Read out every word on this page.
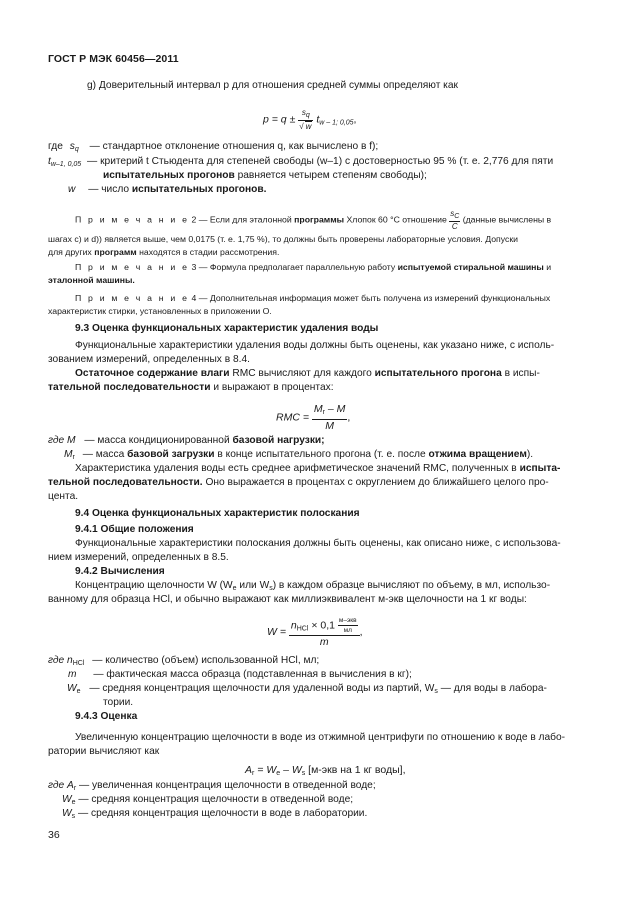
ГОСТ Р МЭК 60456—2011
g) Доверительный интервал p для отношения средней суммы определяют как
$p = q \pm \frac{sq}{√ w}$ tw – 1; 0,05,
где sq — стандартное отклонение отношения q, как вычислено в f);
tw–1, 0,05 — критерий t Стьюдента для степеней свободы (w–1) с достоверностью 95 % (т. е. 2,776 для пяти
испытательных прогонов равняется четырем степеням свободы);
w — число испытательных прогонов.
П р и м е ч а н и е 2 — Если для эталонной программы Хлопок 60 °С отношение $\frac{sC}{C}$ (данные вычислены в
шагах с) и d)) является выше, чем 0,0175 (т. е. 1,75 %), то должны быть проверены лабораторные условия. Допуски
для других программ находятся в стадии рассмотрения.
П р и м е ч а н и е 3 — Формула предполагает параллельную работу испытуемой стиральной машины и
эталонной машины.
П р и м е ч а н и е 4 — Дополнительная информация может быть получена из измерений функциональных
характеристик стирки, установленных в приложении О.
9.3 Оценка функциональных характеристик удаления воды
Функциональные характеристики удаления воды должны быть оценены, как указано ниже, с исполь-
зованием измерений, определенных в 8.4.
Остаточное содержание влаги RMC вычисляют для каждого испытательного прогона в испы-
тательной последовательности и выражают в процентах:
RMC = $\frac{Mr - M}{M}$ ,
где M — масса кондиционированной базовой нагрузки;
Mr — масса базовой загрузки в конце испытательного прогона (т. е. после отжима вращением).
Характеристика удаления воды есть среднее арифметическое значений RMC, полученных в испыта-
тельной последовательности. Оно выражается в процентах с округлением до ближайшего целого про-
цента.
9.4 Оценка функциональных характеристик полоскания
9.4.1 Общие положения
Функциональные характеристики полоскания должны быть оценены, как описано ниже, с использова-
нием измерений, определенных в 8.5.
9.4.2 Вычисления
Концентрацию щелочности W (We или Ws) в каждом образце вычисляют по объему, в мл, использо-
ванному для образца HCl, и обычно выражают как миллиэквивалент м-экв щелочности на 1 кг воды:
$W = \frac{nHCl \times 0,1 \frac{\text{м–экв}}{мл}}{m}$ ,
где nHCl — количество (объем) использованной HCl, мл;
m — фактическая масса образца (подставленная в вычисления в кг);
We — средняя концентрация щелочности для удаленной воды из партий, Ws — для воды в лабора-
тории.
9.4.3 Оценка
Увеличенную концентрацию щелочности в воде из отжимной центрифуги по отношению к воде в лабо-
ратории вычисляют как
Ar = We – Ws [м-экв на 1 кг воды],
где Ar — увеличенная концентрация щелочности в отведенной воде;
We — средняя концентрация щелочности в отведенной воде;
Ws — средняя концентрация щелочности в воде в лаборатории.
36
